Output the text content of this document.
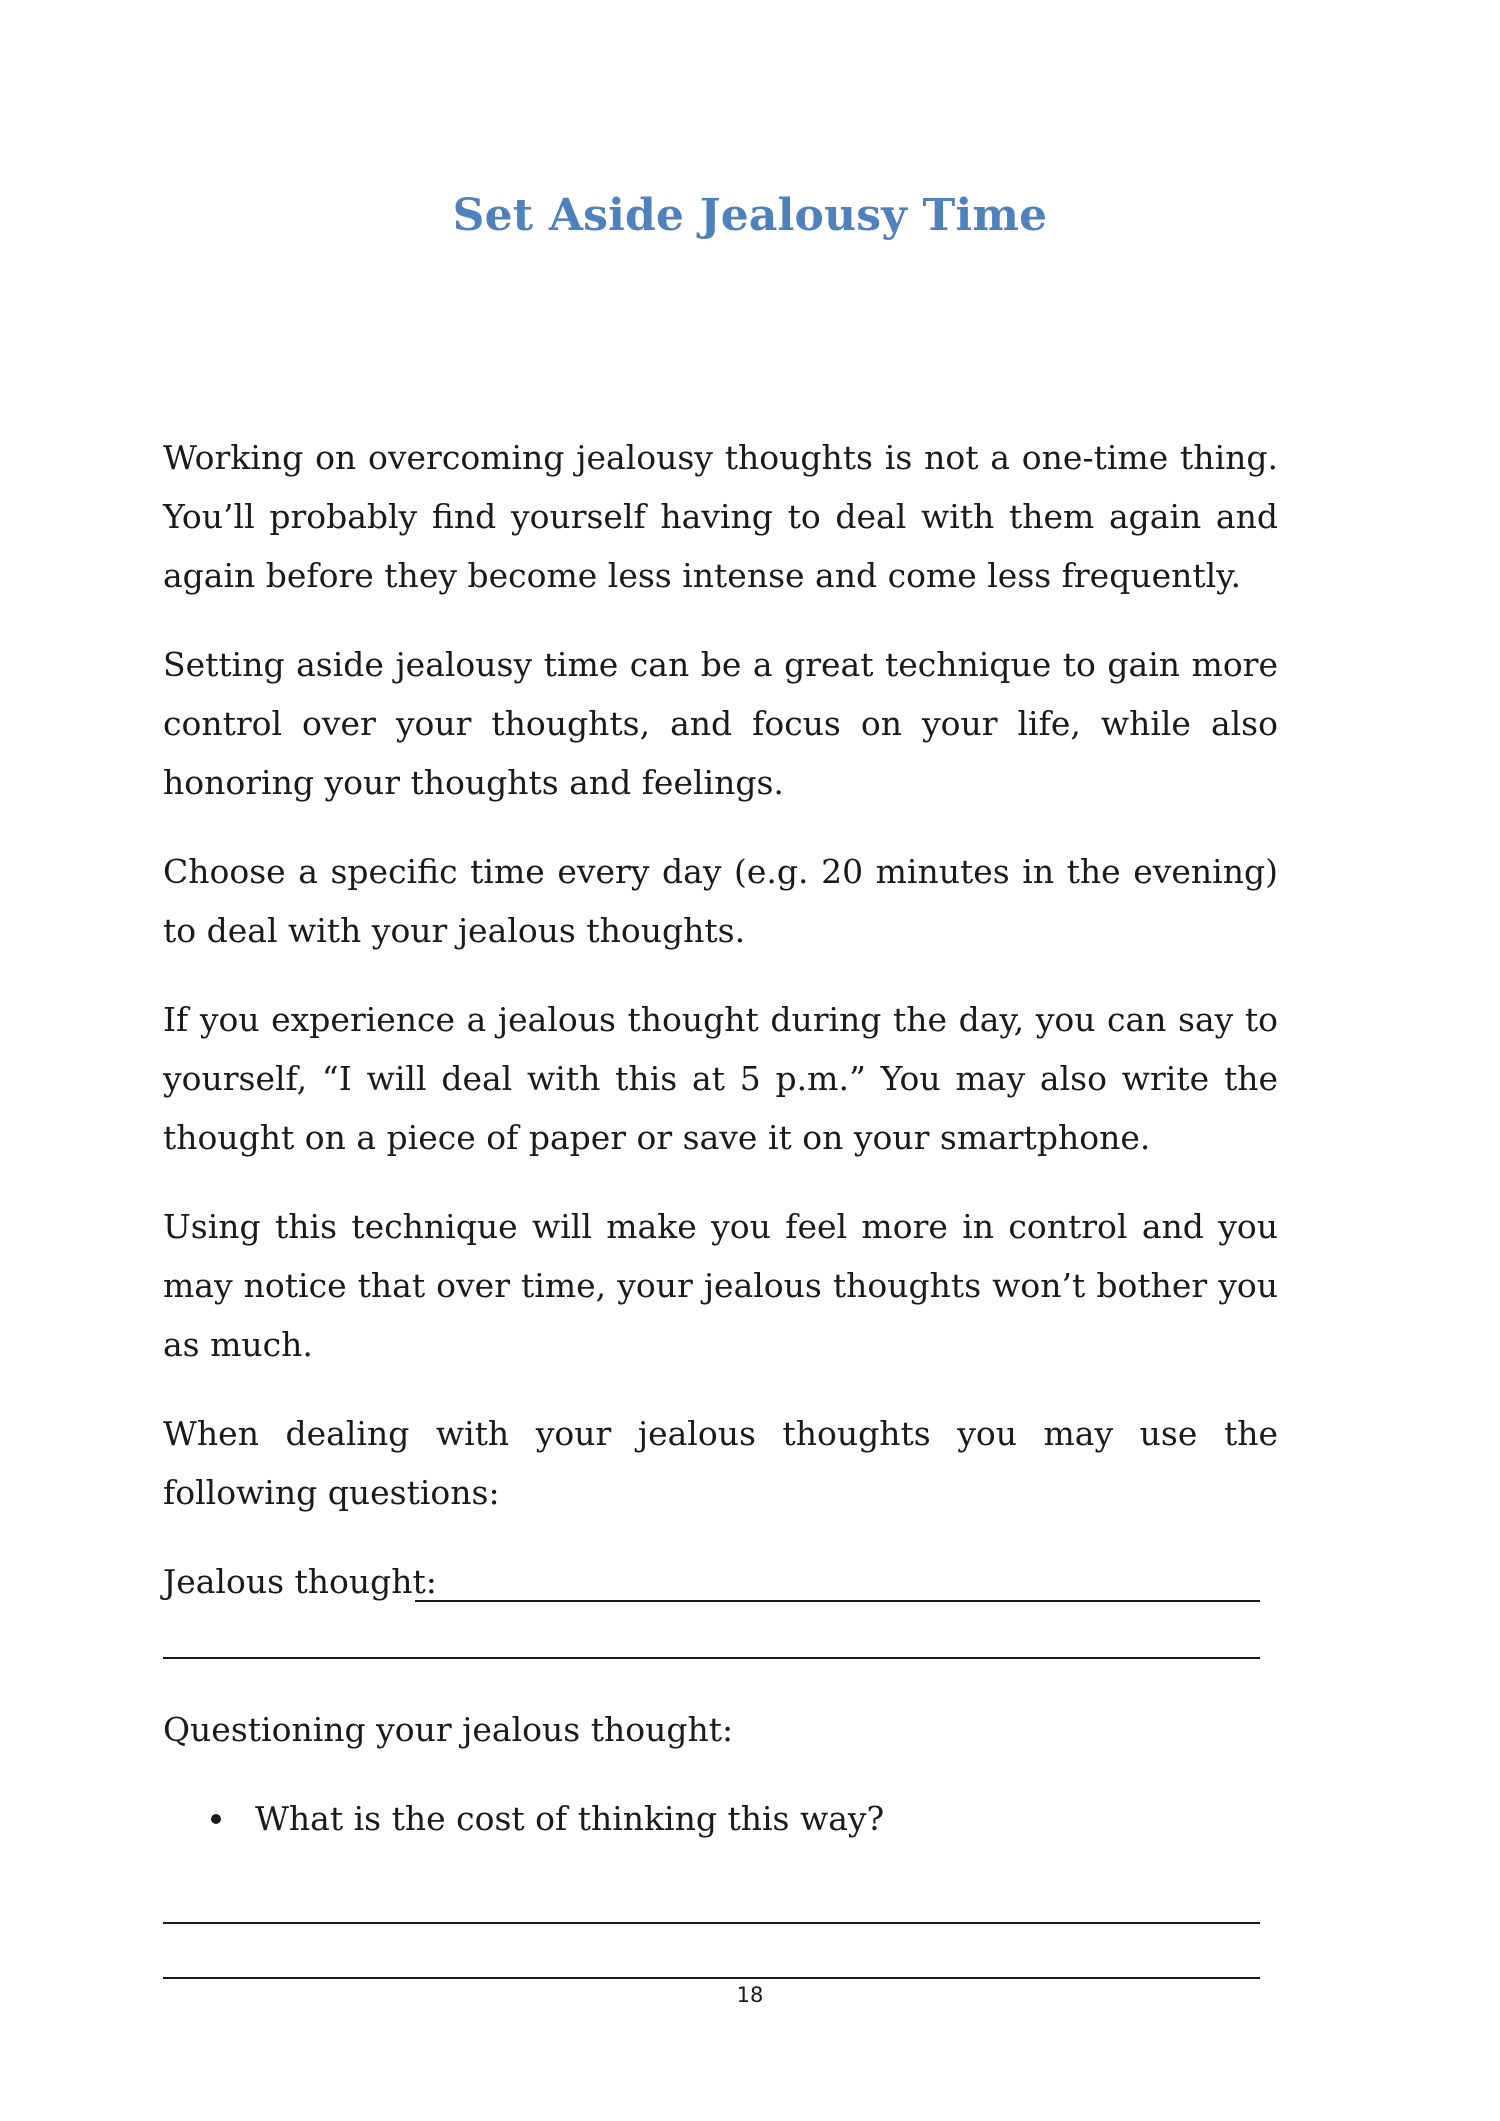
Set Aside Jealousy Time

Working on overcoming jealousy thoughts is not a one-time thing. You’ll probably find yourself having to deal with them again and again before they become less intense and come less frequently.

Setting aside jealousy time can be a great technique to gain more control over your thoughts, and focus on your life, while also honoring your thoughts and feelings.

Choose a specific time every day (e.g. 20 minutes in the evening) to deal with your jealous thoughts.

If you experience a jealous thought during the day, you can say to yourself, “I will deal with this at 5 p.m.” You may also write the thought on a piece of paper or save it on your smartphone.

Using this technique will make you feel more in control and you may notice that over time, your jealous thoughts won’t bother you as much.

When dealing with your jealous thoughts you may use the following questions:

Jealous thought:
Questioning your jealous thought:
What is the cost of thinking this way?
18
